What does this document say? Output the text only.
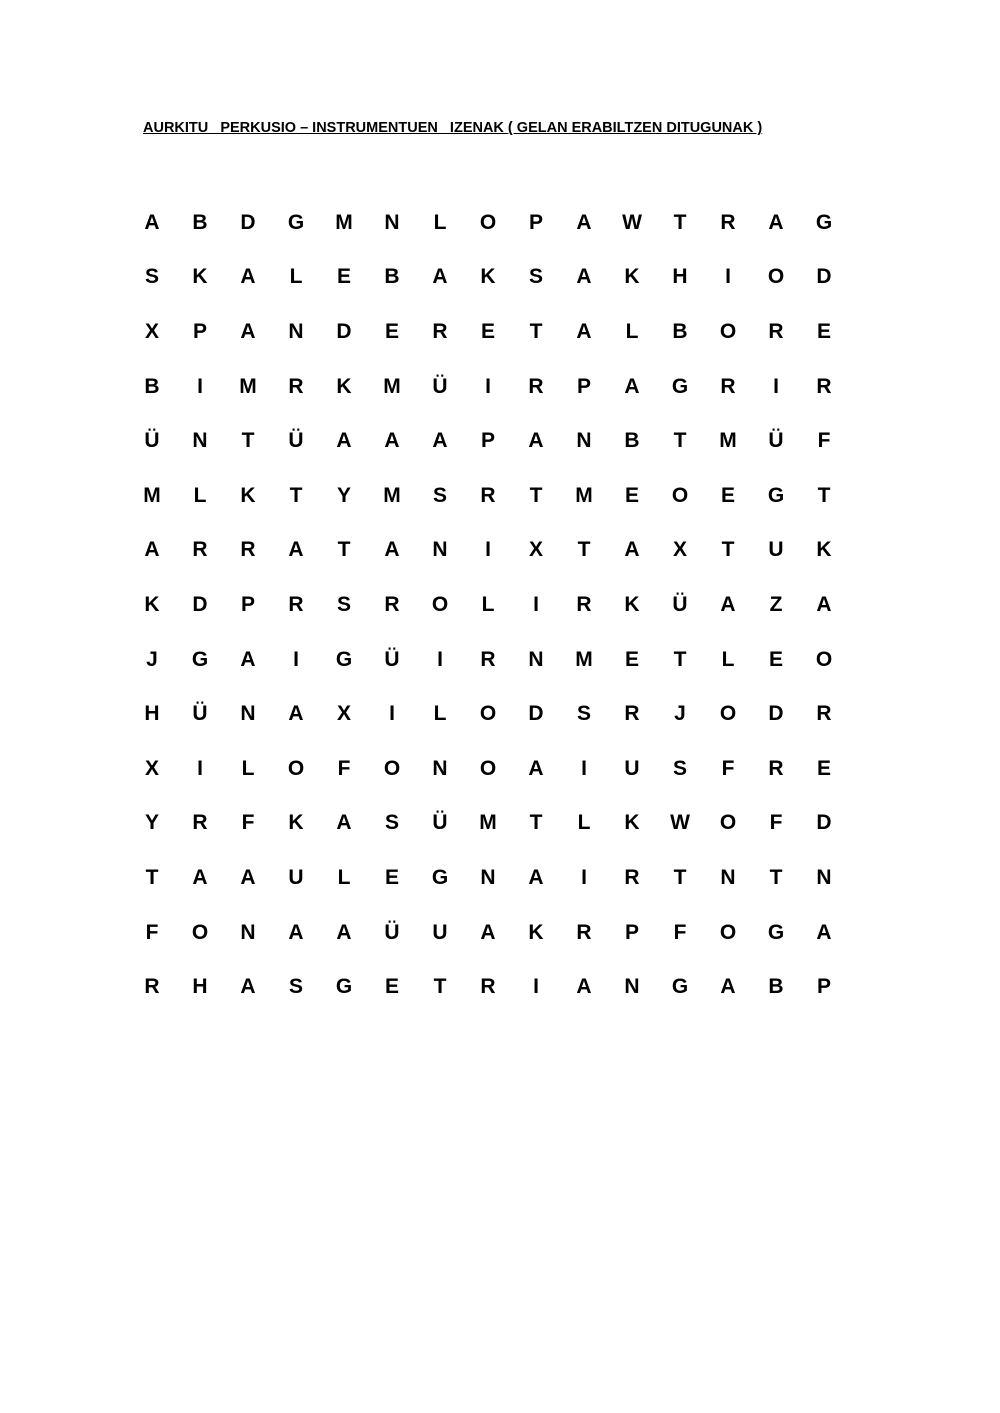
AURKITU   PERKUSIO – INSTRUMENTUEN   IZENAK ( GELAN ERABILTZEN DITUGUNAK )
A	B	D	G	M	N	L	O	P	A	W	T	R	A	G
S	K	A	L	E	B	A	K	S	A	K	H	I	O	D
X	P	A	N	D	E	R	E	T	A	L	B	O	R	E
B	I	M	R	K	M	Ü	I	R	P	A	G	R	I	R
Ü	N	T	Ü	A	A	A	P	A	N	B	T	M	Ü	F
M	L	K	T	Y	M	S	R	T	M	E	O	E	G	T
A	R	R	A	T	A	N	I	X	T	A	X	T	U	K
K	D	P	R	S	R	O	L	I	R	K	Ü	A	Z	A
J	G	A	I	G	Ü	I	R	N	M	E	T	L	E	O
H	Ü	N	A	X	I	L	O	D	S	R	J	O	D	R
X	I	L	O	F	O	N	O	A	I	U	S	F	R	E
Y	R	F	K	A	S	Ü	M	T	L	K	W	O	F	D
T	A	A	U	L	E	G	N	A	I	R	T	N	T	N
F	O	N	A	A	Ü	U	A	K	R	P	F	O	G	A
R	H	A	S	G	E	T	R	I	A	N	G	A	B	P
